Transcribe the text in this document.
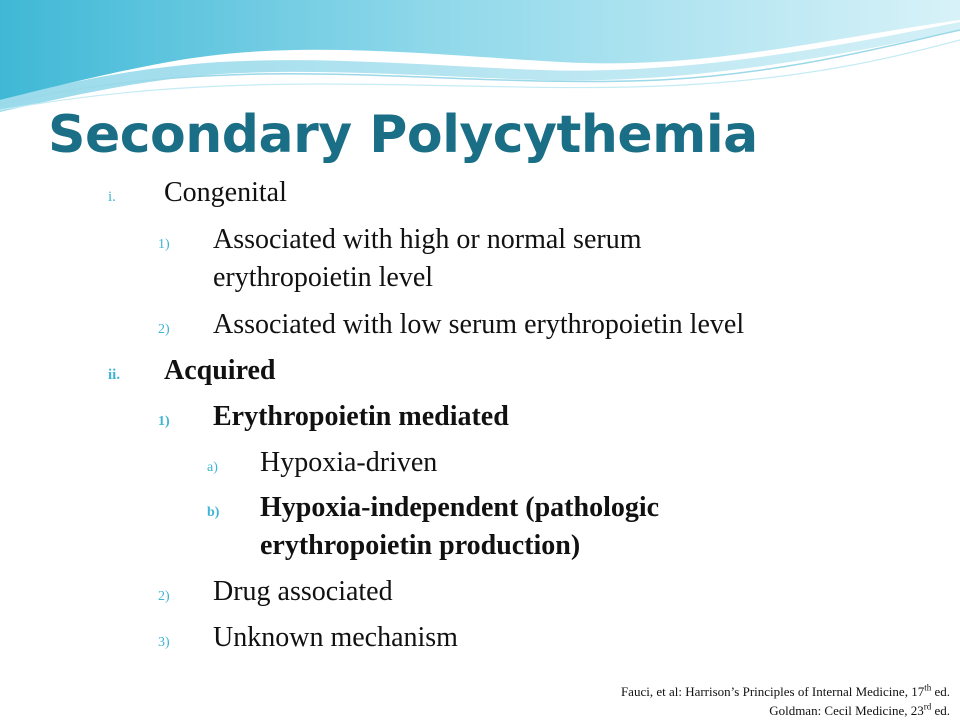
Secondary Polycythemia
i. Congenital
1) Associated with high or normal serum erythropoietin level
2) Associated with low serum erythropoietin level
ii. Acquired
1) Erythropoietin mediated
a) Hypoxia-driven
b) Hypoxia-independent (pathologic erythropoietin production)
2) Drug associated
3) Unknown mechanism
Fauci, et al: Harrison’s Principles of Internal Medicine, 17th ed.
Goldman: Cecil Medicine, 23rd ed.
